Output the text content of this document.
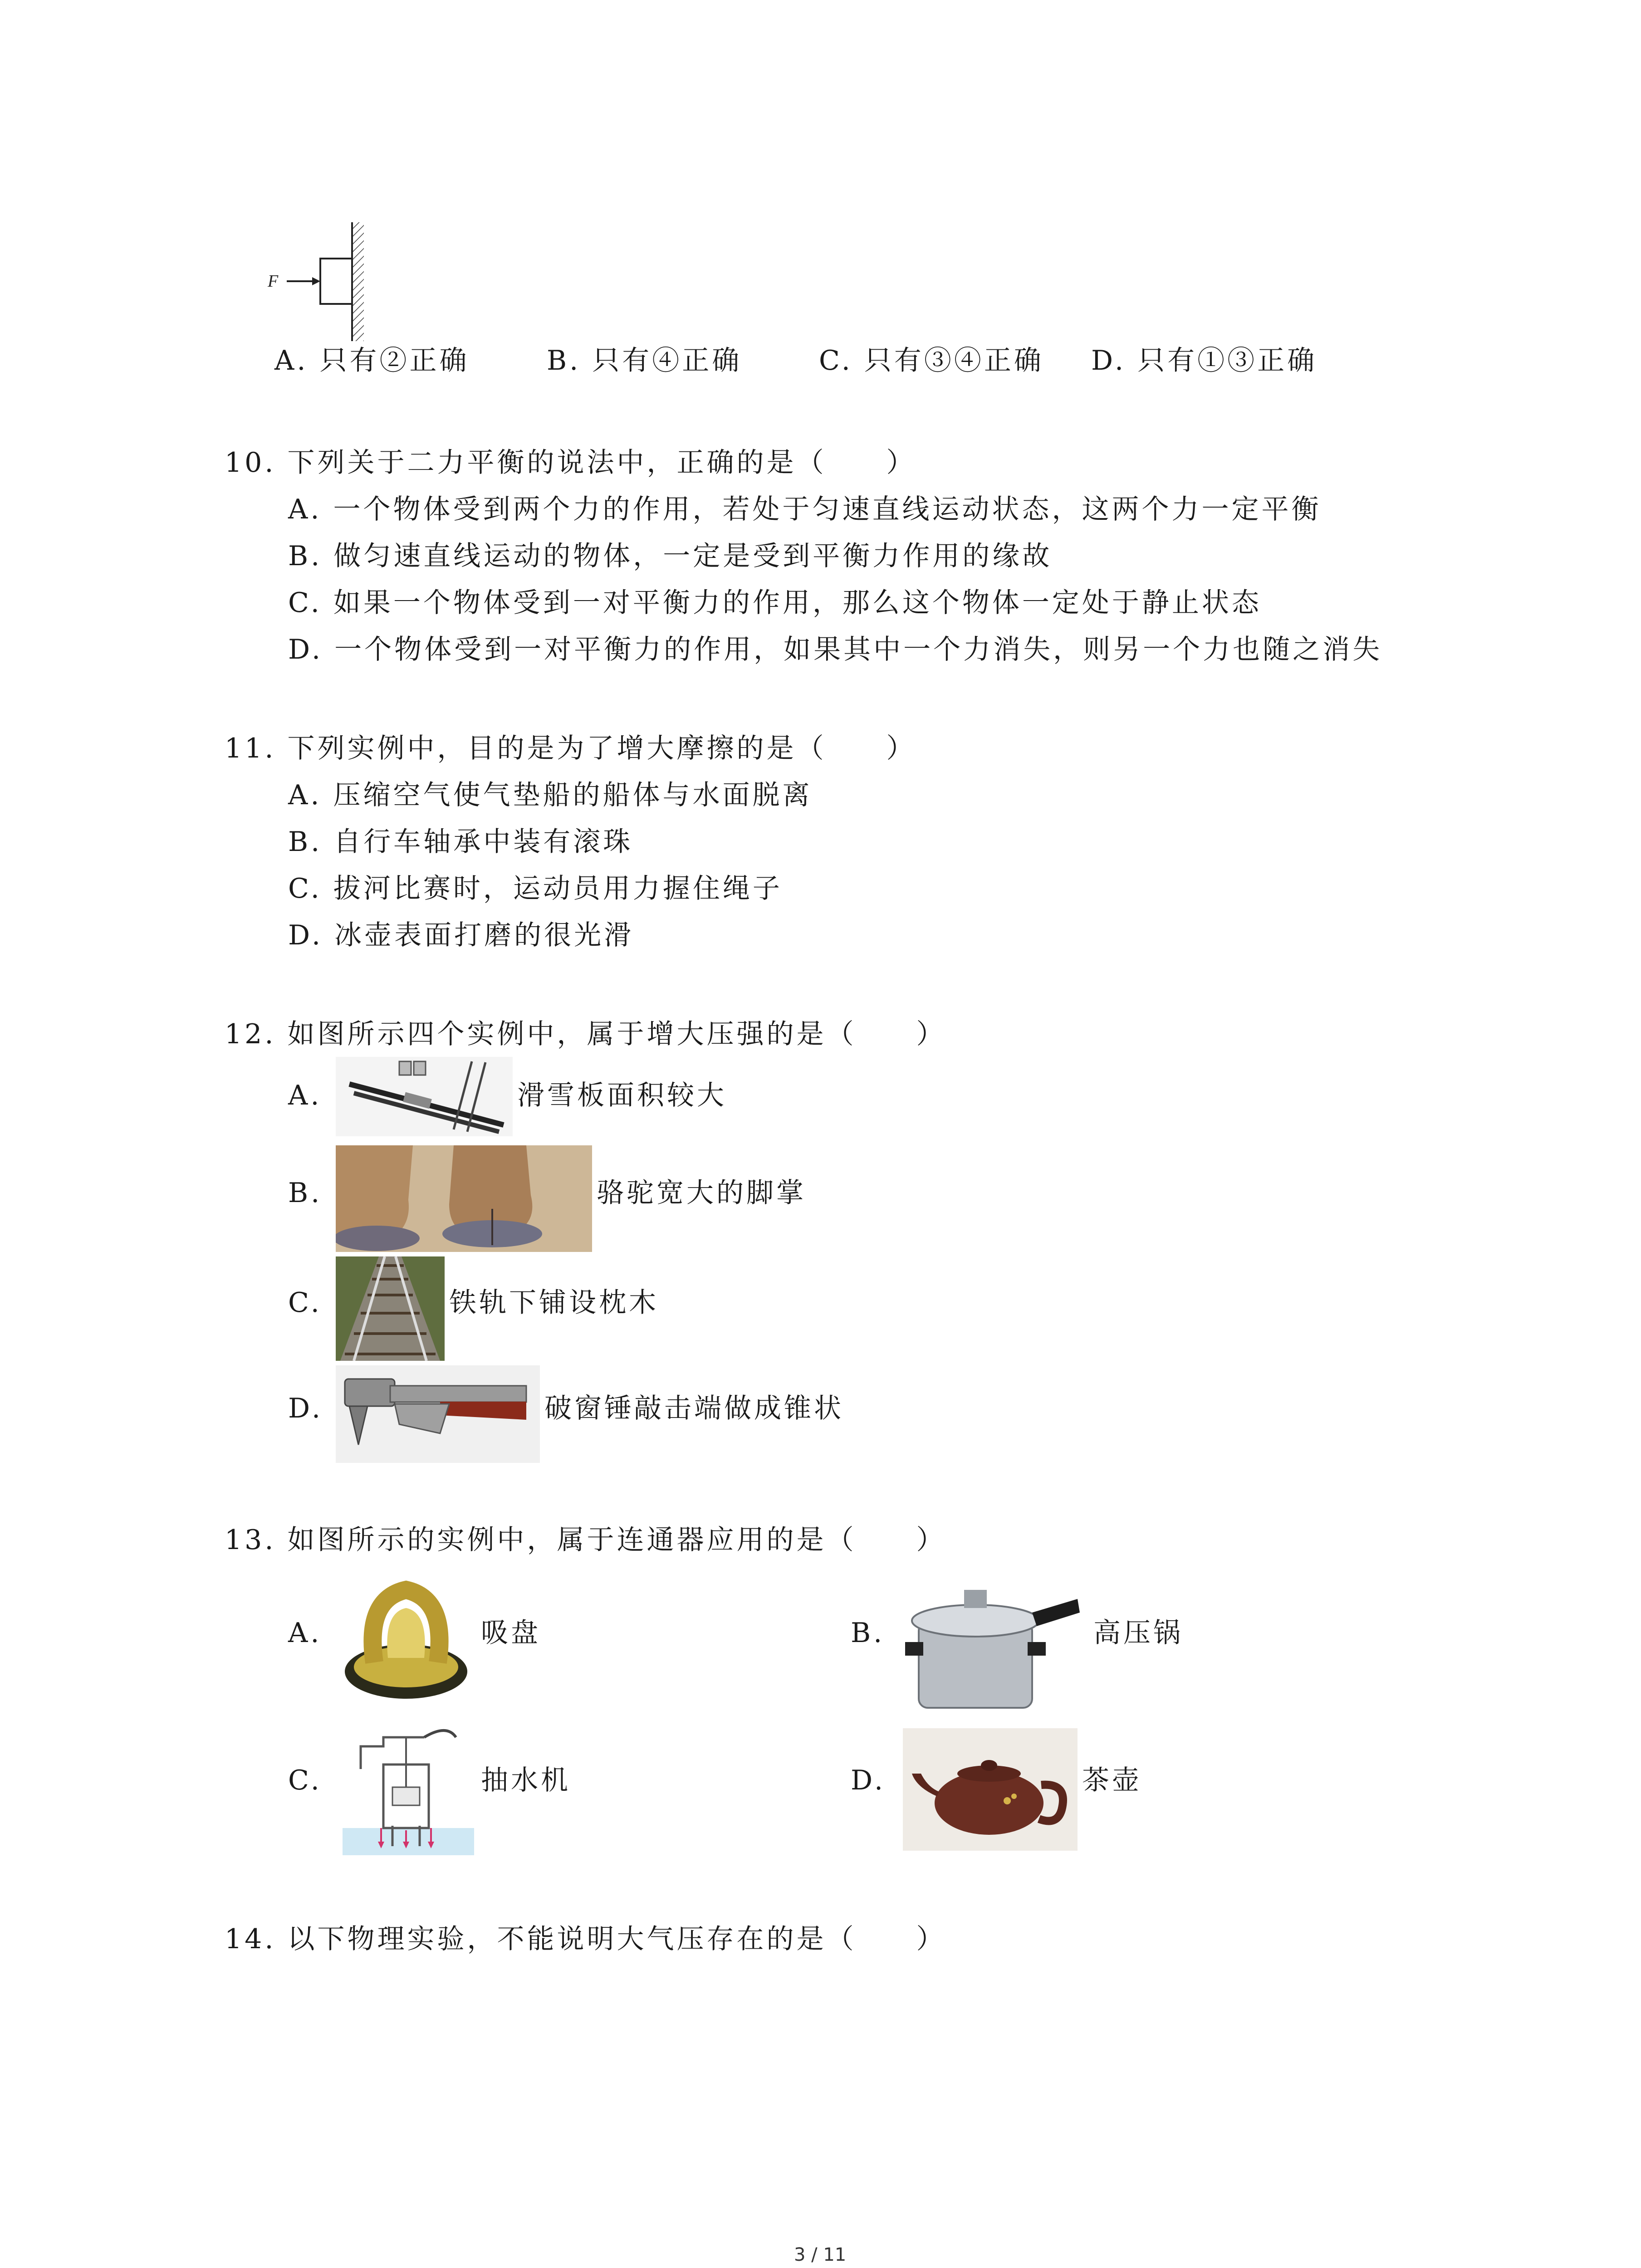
F
A. 只有②正确	B. 只有④正确	C. 只有③④正确 D. 只有①③正确
10. 下列关于二力平衡的说法中，正确的是（　　）
A. 一个物体受到两个力的作用，若处于匀速直线运动状态，这两个力一定平衡
B. 做匀速直线运动的物体，一定是受到平衡力作用的缘故
C. 如果一个物体受到一对平衡力的作用，那么这个物体一定处于静止状态
D. 一个物体受到一对平衡力的作用，如果其中一个力消失，则另一个力也随之消失
11. 下列实例中，目的是为了增大摩擦的是（　　）
A. 压缩空气使气垫船的船体与水面脱离
B. 自行车轴承中装有滚珠
C. 拔河比赛时，运动员用力握住绳子
D. 冰壶表面打磨的很光滑
12. 如图所示四个实例中，属于增大压强的是（　　）
A.	滑雪板面积较大
B.	骆驼宽大的脚掌
C.	铁轨下铺设枕木
D.	破窗锤敲击端做成锥状
13. 如图所示的实例中，属于连通器应用的是（　　）
A.	吸盘	B.	高压锅
C.	抽水机	D.	茶壶
14. 以下物理实验，不能说明大气压存在的是（　　）
3 / 11
